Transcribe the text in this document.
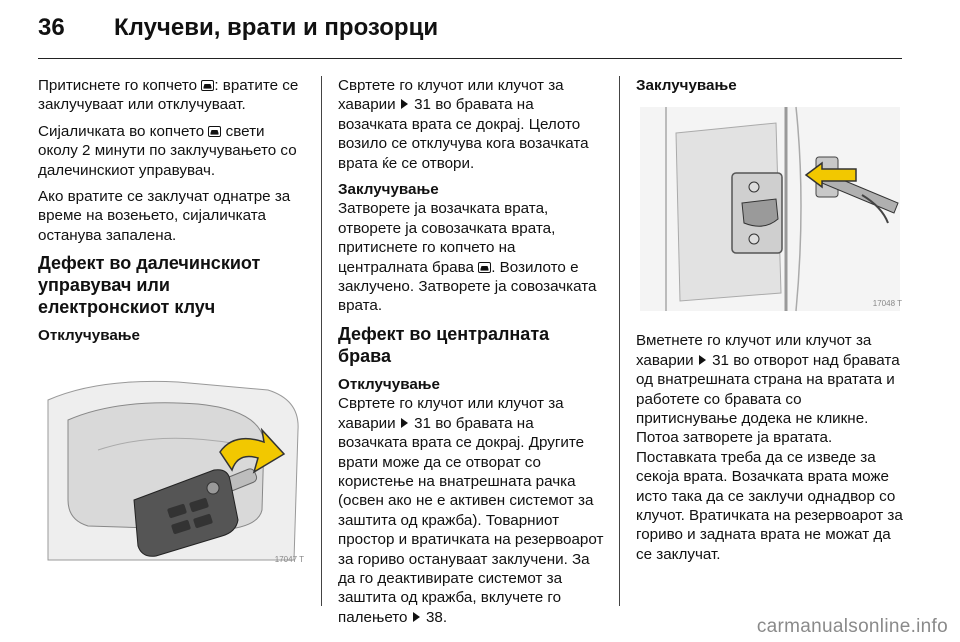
36	Клучеви, врати и прозорци

Притиснете го копчето : вратите се заклучуваат или отклучуваат.

Сијаличката во копчето  свети околу 2 минути по заклучувањето со далечинскиот управувач.

Ако вратите се заклучат однатре за време на возењето, сијаличката останува запалена.

Дефект во далечинскиот управувач или електронскиот клуч
Отклучување
17047 T

Свртете го клучот или клучот за хаварии  31 во бравата на возачката врата се докрај. Целото возило се отклучува кога возачката врата ќе се отвори.

Заклучување

Затворете ја возачката врата, отворете ја совозачката врата, притиснете го копчето на централната брава . Возилото е заклучено. Затворете ја совозачката врата.

Дефект во централната брава
Отклучување

Свртете го клучот или клучот за хаварии  31 во бравата на возачката врата се докрај. Другите врати може да се отворат со користење на внатрешната рачка (освен ако не е активен системот за заштита од кражба). Товарниот простор и вратичката на резервоарот за гориво остануваат заклучени. За да го деактивирате системот за заштита од кражба, вклучете го палењето  38.

Заклучување
17048 T

Вметнете го клучот или клучот за хаварии  31 во отворот над бравата од внатрешната страна на вратата и работете со бравата со притиснување додека не кликне. Потоа затворете ја вратата. Поставката треба да се изведе за секоја врата. Возачката врата може исто така да се заклучи однадвор со клучот. Вратичката на резервоарот за гориво и задната врата не можат да се заклучат.

carmanualsonline.info
